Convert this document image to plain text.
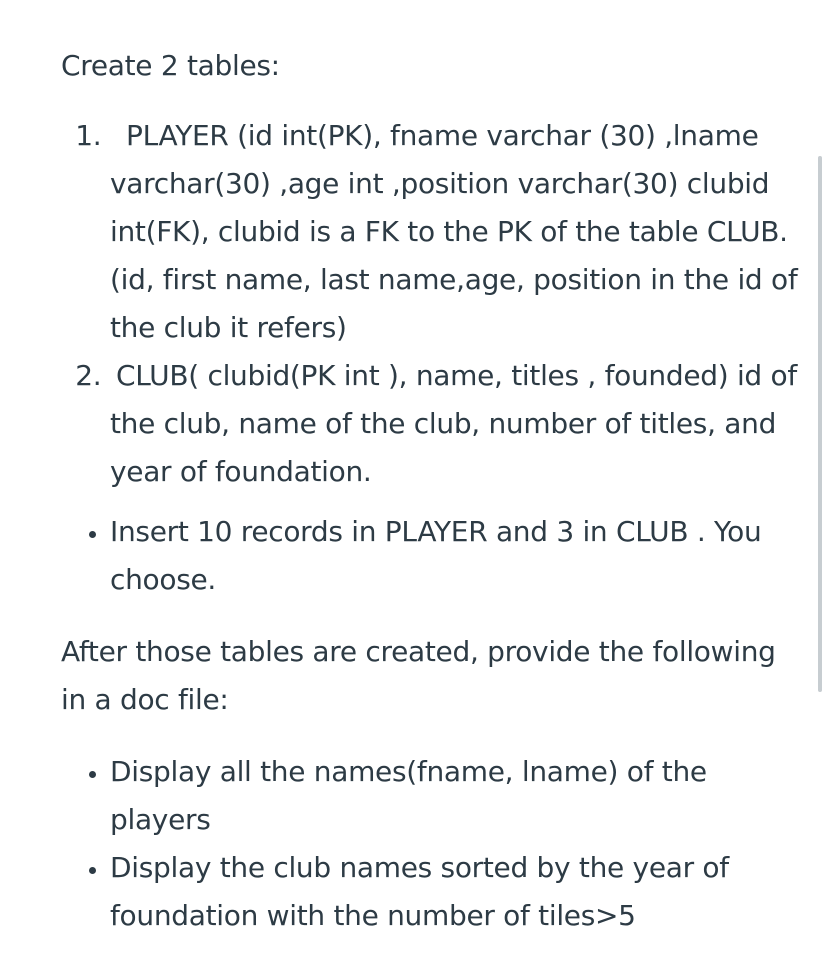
Create 2 tables:

1. PLAYER (id int(PK), fname varchar (30) ,lname varchar(30) ,age int ,position varchar(30) clubid int(FK), clubid is a FK to the PK of the table CLUB. (id, first name, last name,age, position in the id of the club it refers)
2. CLUB( clubid(PK int ), name, titles , founded) id of the club, name of the club, number of titles, and year of foundation.
• Insert 10 records in PLAYER and 3 in CLUB . You choose.

After those tables are created, provide the following in a doc file:

• Display all the names(fname, lname) of the players
• Display the club names sorted by the year of foundation with the number of tiles>5
